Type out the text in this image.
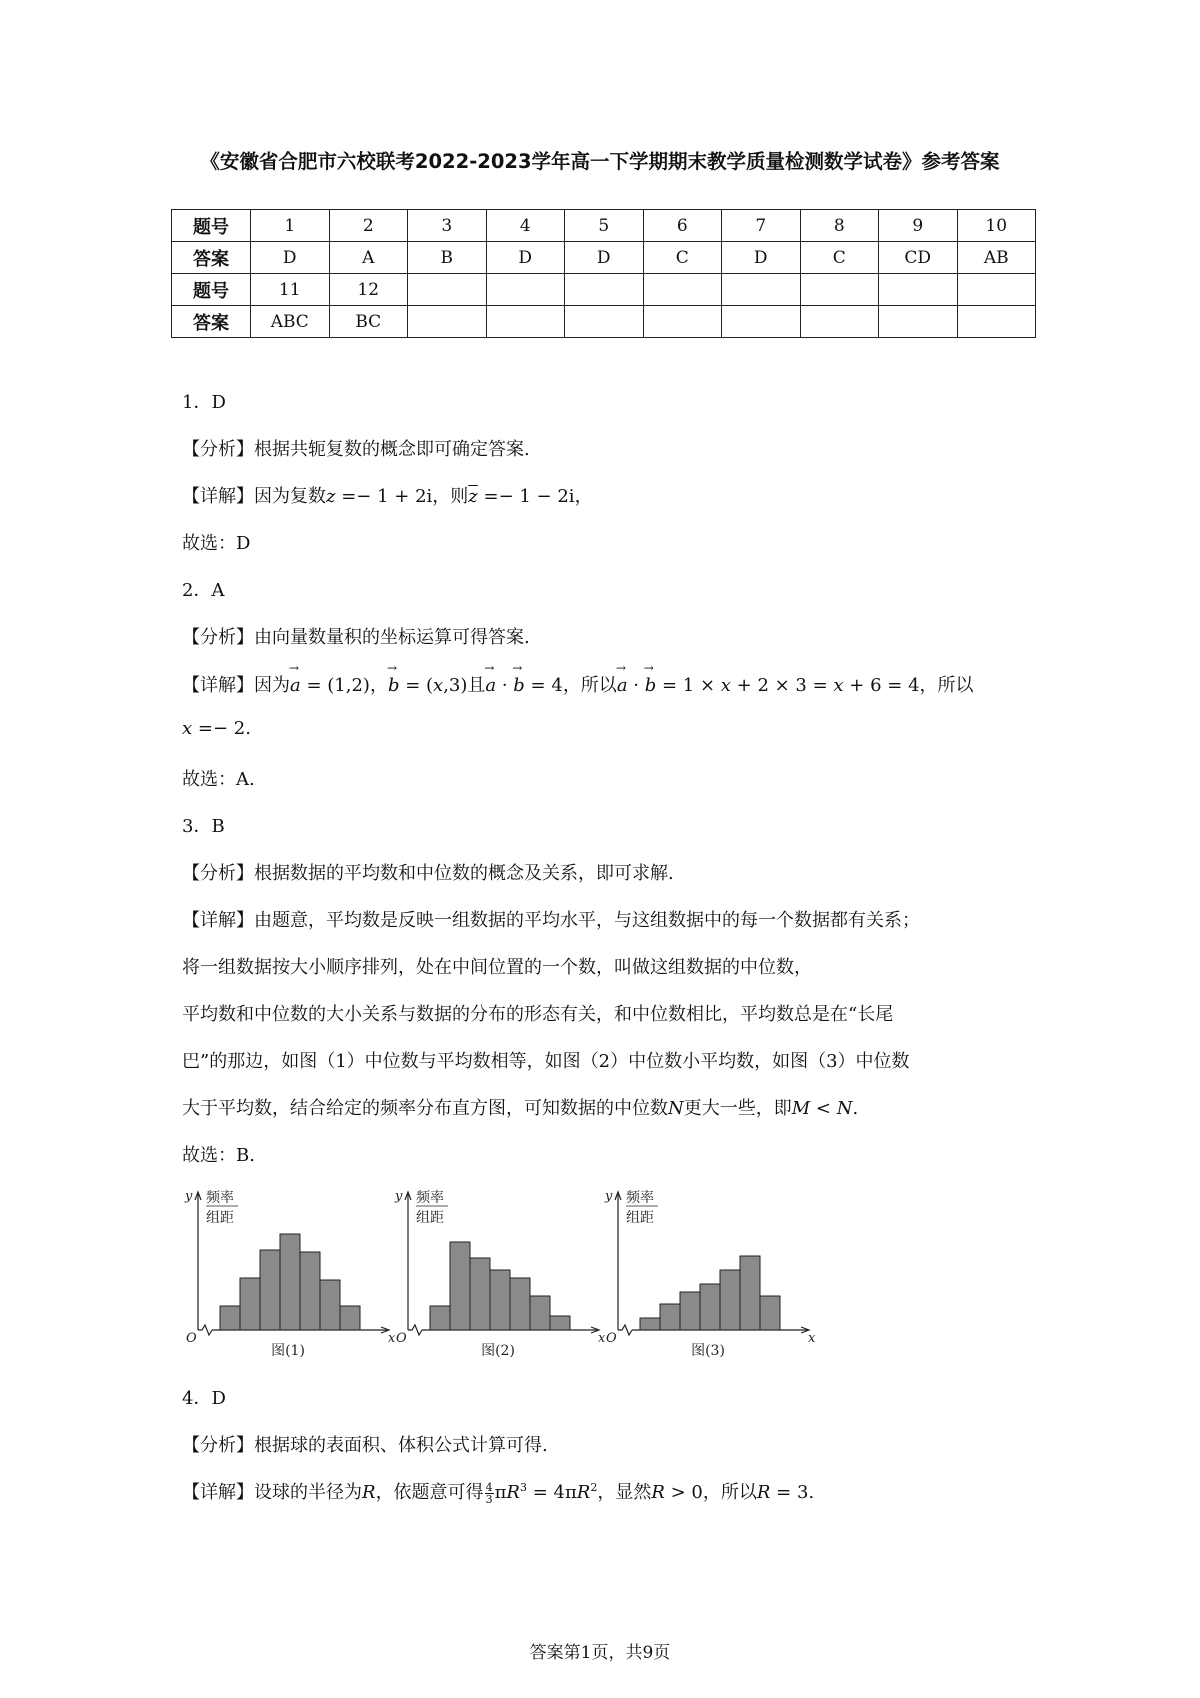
《安徽省合肥市六校联考2022-2023学年高一下学期期末教学质量检测数学试卷》参考答案
题号	1	2	3	4	5	6	7	8	9	10
答案	D	A	B	D	D	C	D	C	CD	AB
题号	11	12								
答案	ABC	BC								
1．D
【分析】根据共轭复数的概念即可确定答案.
【详解】因为复数z =− 1 + 2i，则$\overline{z} =- 1 - 2i$，
故选：D
2．A
【分析】由向量数量积的坐标运算可得答案.
【详解】因为→ a = (1,2)，→ b = (x,3)且→ a · → b = 4，所以→ a · → b = 1 × x + 2 × 3 = x + 6 = 4，所以
x =− 2.
故选：A.
3．B
【分析】根据数据的平均数和中位数的概念及关系，即可求解.
【详解】由题意，平均数是反映一组数据的平均水平，与这组数据中的每一个数据都有关系；
将一组数据按大小顺序排列，处在中间位置的一个数，叫做这组数据的中位数，
平均数和中位数的大小关系与数据的分布的形态有关，和中位数相比，平均数总是在“长尾
巴”的那边，如图（1）中位数与平均数相等，如图（2）中位数小平均数，如图（3）中位数
大于平均数，结合给定的频率分布直方图，可知数据的中位数N更大一些，即M < N.
故选：B.
y 频率
组距
O	x
图(1)
y 频率
组距
O	x
图(2)
y 频率
组距
O	x
图(3)
4．D
【分析】根据球的表面积、体积公式计算可得.
【详解】设球的半径为R，依题意可得 $\frac{4}{3} \pi R^3 = 4\pi R^2$，显然R > 0，所以R = 3.
答案第1页，共9页
